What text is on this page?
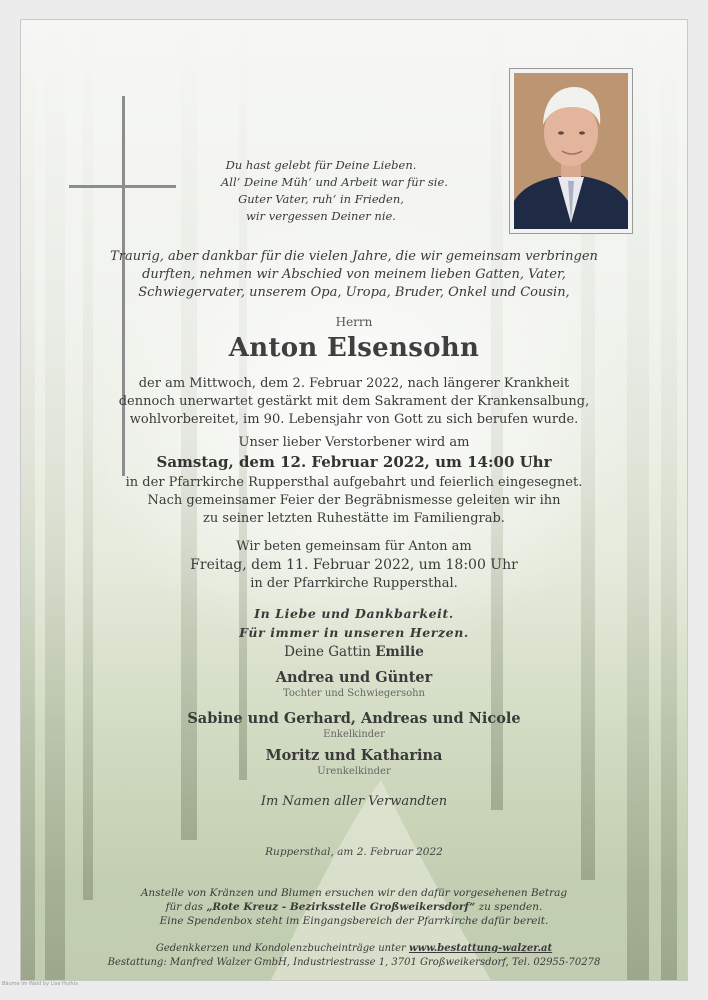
Du hast gelebt für Deine Lieben.
All‘ Deine Müh‘ und Arbeit war für sie.
Guter Vater, ruh‘ in Frieden,
wir vergessen Deiner nie.
Traurig, aber dankbar für die vielen Jahre, die wir gemeinsam verbringen
durften, nehmen wir Abschied von meinem lieben Gatten, Vater,
Schwiegervater, unserem Opa, Uropa, Bruder, Onkel und Cousin,
Herrn
Anton Elsensohn
der am Mittwoch, dem 2. Februar 2022, nach längerer Krankheit
dennoch unerwartet gestärkt mit dem Sakrament der Krankensalbung,
wohlvorbereitet, im 90. Lebensjahr von Gott zu sich berufen wurde.
Unser lieber Verstorbener wird am
Samstag, dem 12. Februar 2022, um 14:00 Uhr
in der Pfarrkirche Ruppersthal aufgebahrt und feierlich eingesegnet.
Nach gemeinsamer Feier der Begräbnismesse geleiten wir ihn
zu seiner letzten Ruhestätte im Familiengrab.
Wir beten gemeinsam für Anton am
Freitag, dem 11. Februar 2022, um 18:00 Uhr
in der Pfarrkirche Ruppersthal.
In Liebe und Dankbarkeit.
Für immer in unseren Herzen.
Deine Gattin Emilie
Andrea und Günter
Tochter und Schwiegersohn
Sabine und Gerhard, Andreas und Nicole
Enkelkinder
Moritz und Katharina
Urenkelkinder
Im Namen aller Verwandten
Ruppersthal, am 2. Februar 2022
Anstelle von Kränzen und Blumen ersuchen wir den dafür vorgesehenen Betrag
für das „Rote Kreuz - Bezirksstelle Großweikersdorf“ zu spenden.
Eine Spendenbox steht im Eingangsbereich der Pfarrkirche dafür bereit.
Gedenkkerzen und Kondolenzbucheinträge unter www.bestattung-walzer.at
Bestattung: Manfred Walzer GmbH, Industriestrasse 1, 3701 Großweikersdorf, Tel. 02955-70278
Bäume im Wald by Lisa Hurkis
